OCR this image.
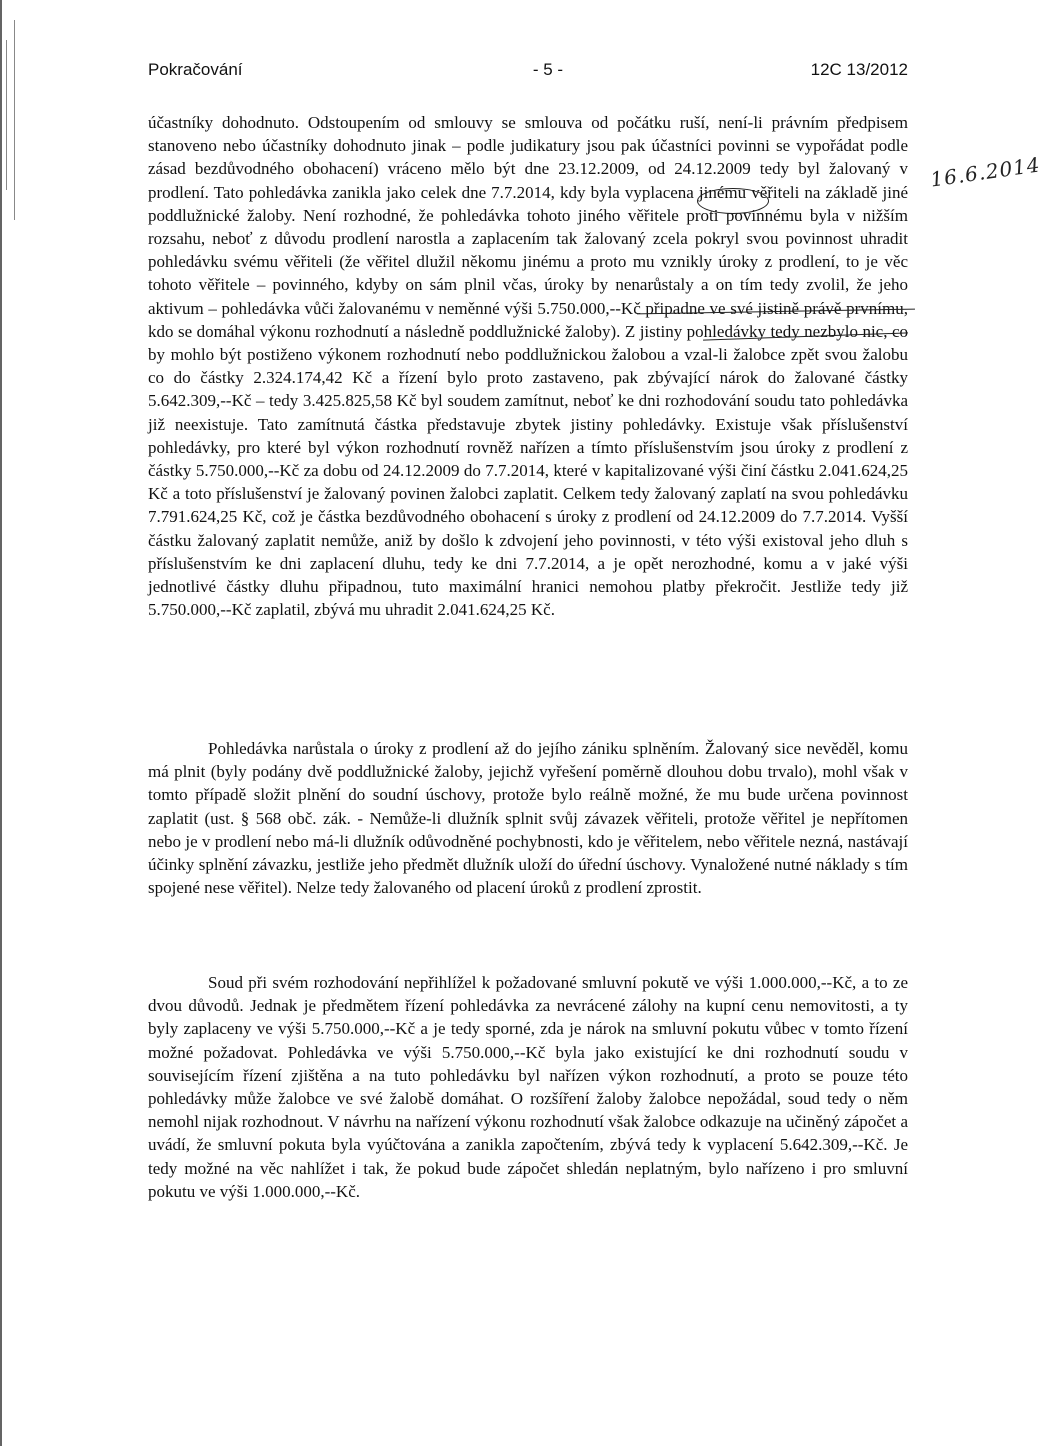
Pokračování	- 5 -	12C 13/2012

účastníky dohodnuto. Odstoupením od smlouvy se smlouva od počátku ruší, není-li právním předpisem stanoveno nebo účastníky dohodnuto jinak – podle judikatury jsou pak účastníci povinni se vypořádat podle zásad bezdůvodného obohacení) vráceno mělo být dne 23.12.2009, od 24.12.2009 tedy byl žalovaný v prodlení. Tato pohledávka zanikla jako celek dne 7.7.2014, kdy byla vyplacena jinému věřiteli na základě jiné poddlužnické žaloby. Není rozhodné, že pohledávka tohoto jiného věřitele proti povinnému byla v nižším rozsahu, neboť z důvodu prodlení narostla a zaplacením tak žalovaný zcela pokryl svou povinnost uhradit pohledávku svému věřiteli (že věřitel dlužil někomu jinému a proto mu vznikly úroky z prodlení, to je věc tohoto věřitele – povinného, kdyby on sám plnil včas, úroky by nenarůstaly a on tím tedy zvolil, že jeho aktivum – pohledávka vůči žalovanému v neměnné výši 5.750.000,--Kč připadne ve své jistině právě prvnímu, kdo se domáhal výkonu rozhodnutí a následně poddlužnické žaloby). Z jistiny pohledávky tedy nezbylo nic, co by mohlo být postiženo výkonem rozhodnutí nebo poddlužnickou žalobou a vzal-li žalobce zpět svou žalobu co do částky 2.324.174,42 Kč a řízení bylo proto zastaveno, pak zbývající nárok do žalované částky 5.642.309,--Kč – tedy 3.425.825,58 Kč byl soudem zamítnut, neboť ke dni rozhodování soudu tato pohledávka již neexistuje. Tato zamítnutá částka představuje zbytek jistiny pohledávky. Existuje však příslušenství pohledávky, pro které byl výkon rozhodnutí rovněž nařízen a tímto příslušenstvím jsou úroky z prodlení z částky 5.750.000,--Kč za dobu od 24.12.2009 do 7.7.2014, které v kapitalizované výši činí částku 2.041.624,25 Kč a toto příslušenství je žalovaný povinen žalobci zaplatit. Celkem tedy žalovaný zaplatí na svou pohledávku 7.791.624,25 Kč, což je částka bezdůvodného obohacení s úroky z prodlení od 24.12.2009 do 7.7.2014. Vyšší částku žalovaný zaplatit nemůže, aniž by došlo k zdvojení jeho povinnosti, v této výši existoval jeho dluh s příslušenstvím ke dni zaplacení dluhu, tedy ke dni 7.7.2014, a je opět nerozhodné, komu a v jaké výši jednotlivé částky dluhu připadnou, tuto maximální hranici nemohou platby překročit. Jestliže tedy již 5.750.000,--Kč zaplatil, zbývá mu uhradit 2.041.624,25 Kč.

Pohledávka narůstala o úroky z prodlení až do jejího zániku splněním. Žalovaný sice nevěděl, komu má plnit (byly podány dvě poddlužnické žaloby, jejichž vyřešení poměrně dlouhou dobu trvalo), mohl však v tomto případě složit plnění do soudní úschovy, protože bylo reálně možné, že mu bude určena povinnost zaplatit (ust. § 568 obč. zák. - Nemůže-li dlužník splnit svůj závazek věřiteli, protože věřitel je nepřítomen nebo je v prodlení nebo má-li dlužník odůvodněné pochybnosti, kdo je věřitelem, nebo věřitele nezná, nastávají účinky splnění závazku, jestliže jeho předmět dlužník uloží do úřední úschovy. Vynaložené nutné náklady s tím spojené nese věřitel). Nelze tedy žalovaného od placení úroků z prodlení zprostit.

Soud při svém rozhodování nepřihlížel k požadované smluvní pokutě ve výši 1.000.000,--Kč, a to ze dvou důvodů. Jednak je předmětem řízení pohledávka za nevrácené zálohy na kupní cenu nemovitosti, a ty byly zaplaceny ve výši 5.750.000,--Kč a je tedy sporné, zda je nárok na smluvní pokutu vůbec v tomto řízení možné požadovat. Pohledávka ve výši 5.750.000,--Kč byla jako existující ke dni rozhodnutí soudu v souvisejícím řízení zjištěna a na tuto pohledávku byl nařízen výkon rozhodnutí, a proto se pouze této pohledávky může žalobce ve své žalobě domáhat. O rozšíření žaloby žalobce nepožádal, soud tedy o něm nemohl nijak rozhodnout. V návrhu na nařízení výkonu rozhodnutí však žalobce odkazuje na učiněný zápočet a uvádí, že smluvní pokuta byla vyúčtována a zanikla započtením, zbývá tedy k vyplacení 5.642.309,--Kč. Je tedy možné na věc nahlížet i tak, že pokud bude zápočet shledán neplatným, bylo nařízeno i pro smluvní pokutu ve výši 1.000.000,--Kč.

16.6.2014
